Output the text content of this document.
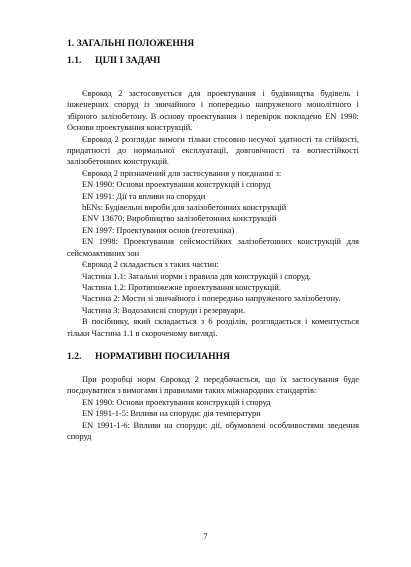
1. ЗАГАЛЬНІ ПОЛОЖЕННЯ
1.1. ЦІЛІ І ЗАДАЧІ

Єврокод 2 застосовується для проектування і будівництва будівель і інженерних споруд із звичайного і попередньо напруженого монолітного і збірного залізобетону. В основу проектування і перевірок покладено EN 1990: Основи проектування конструкцій.

Єврокод 2 розглядає вимоги тільки стосовно несучої здатності та стійкості, придатності до нормальної експлуатації, довговічності та вогнестійкості залізобетонних конструкцій.

Єврокод 2 призначений для застосування у поєднанні з:

EN 1990: Основи проектування конструкцій і споруд

EN 1991: Дії та впливи на споруди

hENs: Будівельні вироби для залізобетонних конструкцій

ENV 13670: Виробництво залізобетонних конструкцій

EN 1997: Проектування основ (геотехніка)

EN 1998: Проектування сейсмостійких залізобетонних конструкцій для сейсмоактивних зон

Єврокод 2 складається з таких частин:

Частина 1.1: Загальні норми і правила для конструкцій і споруд.

Частина 1.2: Протипожежне проектування конструкцій.

Частина 2: Мости зі звичайного і попередньо напруженого залізобетону.

Частина 3: Водозахисні споруди і резервуари.

В посібнику, який складається з 6 розділів, розглядається і коментується тільки Частина 1.1 в скороченому вигляді.

1.2. НОРМАТИВНІ ПОСИЛАННЯ

При розробці норм Єврокод 2 передбачається, що їх застосування буде поєднуватися з вимогами і правилами таких міжнародних стандартів:

EN 1990: Основи проектування конструкцій і споруд

EN 1991-1-5: Впливи на споруди: дія температури

EN 1991-1-6: Впливи на споруди: дії, обумовлені особливостями зведення споруд

7
